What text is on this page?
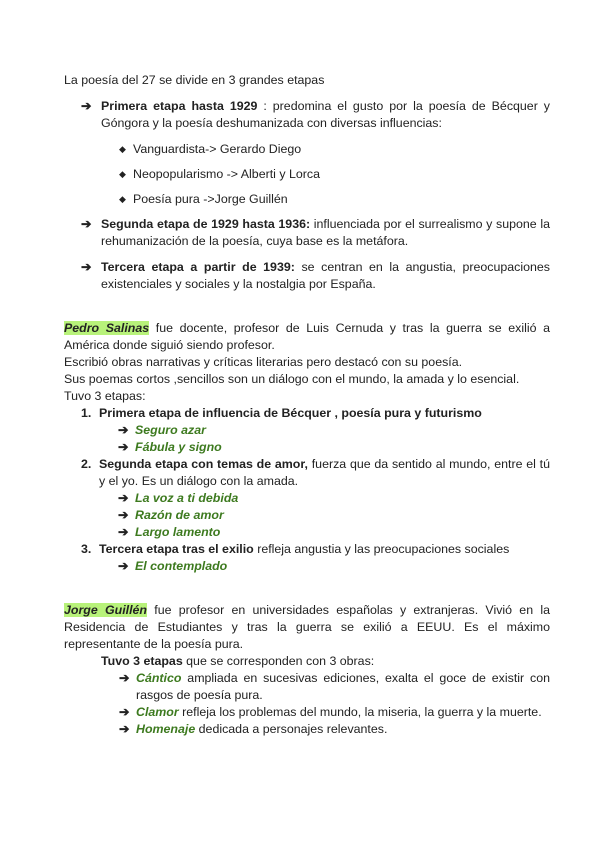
La poesía del 27 se divide en 3 grandes etapas

➔ Primera etapa hasta 1929 : predomina el gusto por la poesía de Bécquer y Góngora y la poesía deshumanizada con diversas influencias:

◆ Vanguardista-> Gerardo Diego
◆ Neopopularismo -> Alberti y Lorca
◆ Poesía pura ->Jorge Guillén
➔ Segunda etapa de 1929 hasta 1936: influenciada por el surrealismo y supone la rehumanización de la poesía, cuya base es la metáfora.

➔ Tercera etapa a partir de 1939: se centran en la angustia, preocupaciones existenciales y sociales y la nostalgia por España.

Pedro Salinas fue docente, profesor de Luis Cernuda y tras la guerra se exilió a América donde siguió siendo profesor.

Escribió obras narrativas y críticas literarias pero destacó con su poesía.

Sus poemas cortos ,sencillos son un diálogo con el mundo, la amada y lo esencial.

Tuvo 3 etapas:

1. Primera etapa de influencia de Bécquer , poesía pura y futurismo
➔ Seguro azar
➔ Fábula y signo
2. Segunda etapa con temas de amor, fuerza que da sentido al mundo, entre el tú y el yo. Es un diálogo con la amada.
➔ La voz a ti debida
➔ Razón de amor
➔ Largo lamento
3. Tercera etapa tras el exilio refleja angustia y las preocupaciones sociales
➔ El contemplado

Jorge Guillén fue profesor en universidades españolas y extranjeras. Vivió en la Residencia de Estudiantes y tras la guerra se exilió a EEUU. Es el máximo representante de la poesía pura.

Tuvo 3 etapas que se corresponden con 3 obras:

➔ Cántico ampliada en sucesivas ediciones, exalta el goce de existir con rasgos de poesía pura.
➔ Clamor refleja los problemas del mundo, la miseria, la guerra y la muerte.
➔ Homenaje dedicada a personajes relevantes.
